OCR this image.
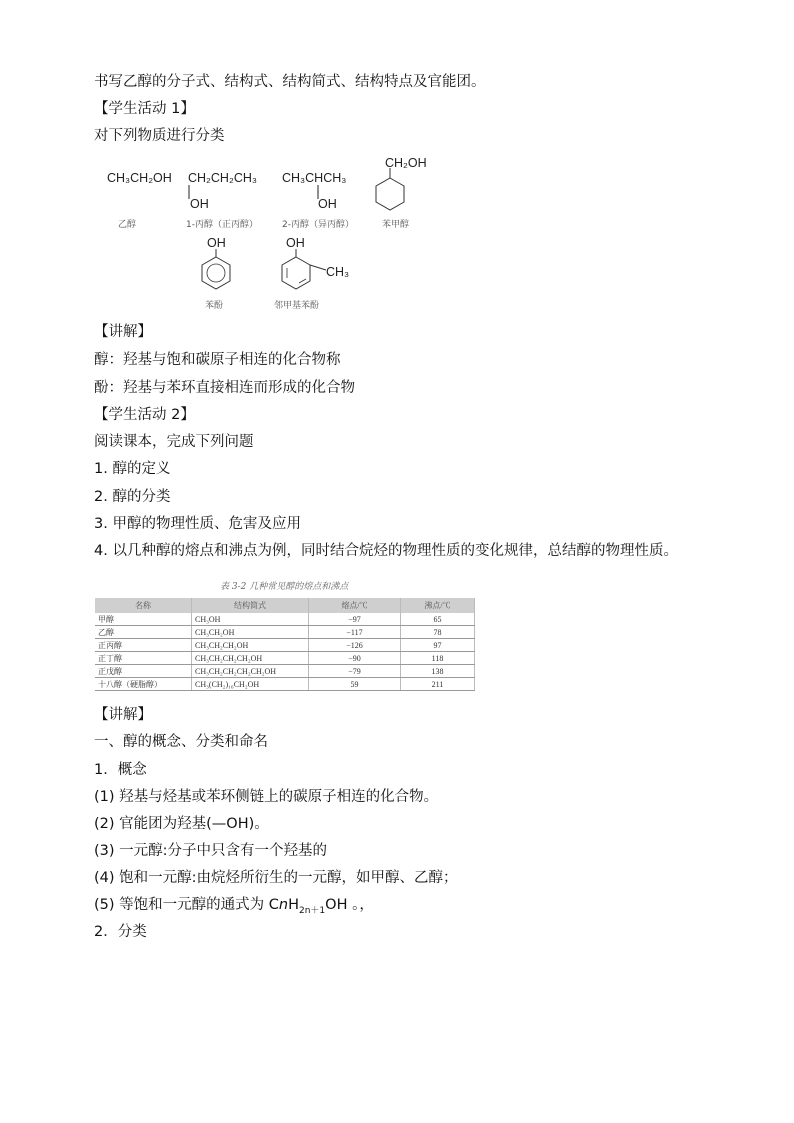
书写乙醇的分子式、结构式、结构简式、结构特点及官能团。
【学生活动 1】
对下列物质进行分类
CH₃CH₂OH
乙醇
CH₂CH₂CH₃
OH
1-丙醇（正丙醇）
CH₃CHCH₃
OH
2-丙醇（异丙醇）
CH₂OH
苯甲醇
OH
苯酚
OH
CH₃
邻甲基苯酚
【讲解】
醇：羟基与饱和碳原子相连的化合物称
酚：羟基与苯环直接相连而形成的化合物
【学生活动 2】
阅读课本，完成下列问题
1. 醇的定义
2. 醇的分类
3. 甲醇的物理性质、危害及应用
4. 以几种醇的熔点和沸点为例，同时结合烷烃的物理性质的变化规律，总结醇的物理性质。
表 3-2 几种常见醇的熔点和沸点
名称	结构简式	熔点/℃	沸点/℃
甲醇	CH₃OH	−97	65
乙醇	CH₃CH₂OH	−117	78
正丙醇	CH₃CH₂CH₂OH	−126	97
正丁醇	CH₃CH₂CH₂CH₂OH	−90	118
正戊醇	CH₃CH₂CH₂CH₂CH₂OH	−79	138
十八醇（硬脂醇）	CH₃(CH₂)₁₆CH₂OH	59	211
【讲解】
一、醇的概念、分类和命名
1．概念
(1) 羟基与烃基或苯环侧链上的碳原子相连的化合物。
(2) 官能团为羟基(—OH)。
(3) 一元醇:分子中只含有一个羟基的
(4) 饱和一元醇:由烷烃所衍生的一元醇，如甲醇、乙醇；
(5) 等饱和一元醇的通式为 CnH$_{2n+1}$OH 。，
2．分类
